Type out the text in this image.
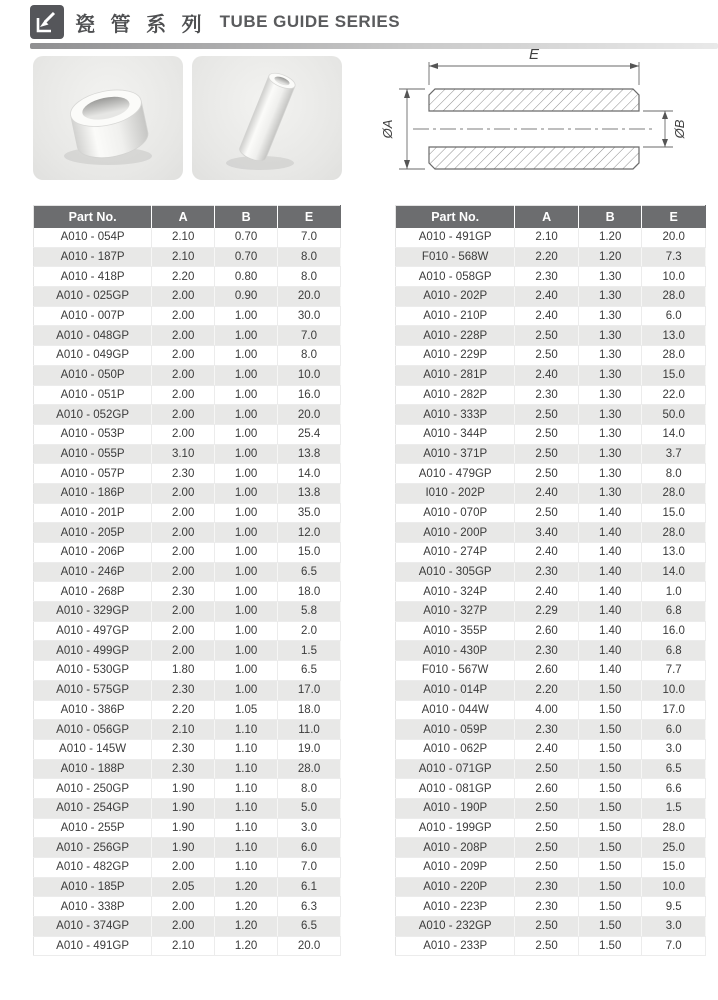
瓷 管 系 列 TUBE GUIDE SERIES
E
ØA	ØB
Part No.	A	B	E
A010 - 054P	2.10	0.70	7.0
A010 - 187P	2.10	0.70	8.0
A010 - 418P	2.20	0.80	8.0
A010 - 025GP	2.00	0.90	20.0
A010 - 007P	2.00	1.00	30.0
A010 - 048GP	2.00	1.00	7.0
A010 - 049GP	2.00	1.00	8.0
A010 - 050P	2.00	1.00	10.0
A010 - 051P	2.00	1.00	16.0
A010 - 052GP	2.00	1.00	20.0
A010 - 053P	2.00	1.00	25.4
A010 - 055P	3.10	1.00	13.8
A010 - 057P	2.30	1.00	14.0
A010 - 186P	2.00	1.00	13.8
A010 - 201P	2.00	1.00	35.0
A010 - 205P	2.00	1.00	12.0
A010 - 206P	2.00	1.00	15.0
A010 - 246P	2.00	1.00	6.5
A010 - 268P	2.30	1.00	18.0
A010 - 329GP	2.00	1.00	5.8
A010 - 497GP	2.00	1.00	2.0
A010 - 499GP	2.00	1.00	1.5
A010 - 530GP	1.80	1.00	6.5
A010 - 575GP	2.30	1.00	17.0
A010 - 386P	2.20	1.05	18.0
A010 - 056GP	2.10	1.10	11.0
A010 - 145W	2.30	1.10	19.0
A010 - 188P	2.30	1.10	28.0
A010 - 250GP	1.90	1.10	8.0
A010 - 254GP	1.90	1.10	5.0
A010 - 255P	1.90	1.10	3.0
A010 - 256GP	1.90	1.10	6.0
A010 - 482GP	2.00	1.10	7.0
A010 - 185P	2.05	1.20	6.1
A010 - 338P	2.00	1.20	6.3
A010 - 374GP	2.00	1.20	6.5
A010 - 491GP	2.10	1.20	20.0
Part No.	A	B	E
A010 - 491GP	2.10	1.20	20.0
F010 - 568W	2.20	1.20	7.3
A010 - 058GP	2.30	1.30	10.0
A010 - 202P	2.40	1.30	28.0
A010 - 210P	2.40	1.30	6.0
A010 - 228P	2.50	1.30	13.0
A010 - 229P	2.50	1.30	28.0
A010 - 281P	2.40	1.30	15.0
A010 - 282P	2.30	1.30	22.0
A010 - 333P	2.50	1.30	50.0
A010 - 344P	2.50	1.30	14.0
A010 - 371P	2.50	1.30	3.7
A010 - 479GP	2.50	1.30	8.0
I010 - 202P	2.40	1.30	28.0
A010 - 070P	2.50	1.40	15.0
A010 - 200P	3.40	1.40	28.0
A010 - 274P	2.40	1.40	13.0
A010 - 305GP	2.30	1.40	14.0
A010 - 324P	2.40	1.40	1.0
A010 - 327P	2.29	1.40	6.8
A010 - 355P	2.60	1.40	16.0
A010 - 430P	2.30	1.40	6.8
F010 - 567W	2.60	1.40	7.7
A010 - 014P	2.20	1.50	10.0
A010 - 044W	4.00	1.50	17.0
A010 - 059P	2.30	1.50	6.0
A010 - 062P	2.40	1.50	3.0
A010 - 071GP	2.50	1.50	6.5
A010 - 081GP	2.60	1.50	6.6
A010 - 190P	2.50	1.50	1.5
A010 - 199GP	2.50	1.50	28.0
A010 - 208P	2.50	1.50	25.0
A010 - 209P	2.50	1.50	15.0
A010 - 220P	2.30	1.50	10.0
A010 - 223P	2.30	1.50	9.5
A010 - 232GP	2.50	1.50	3.0
A010 - 233P	2.50	1.50	7.0
